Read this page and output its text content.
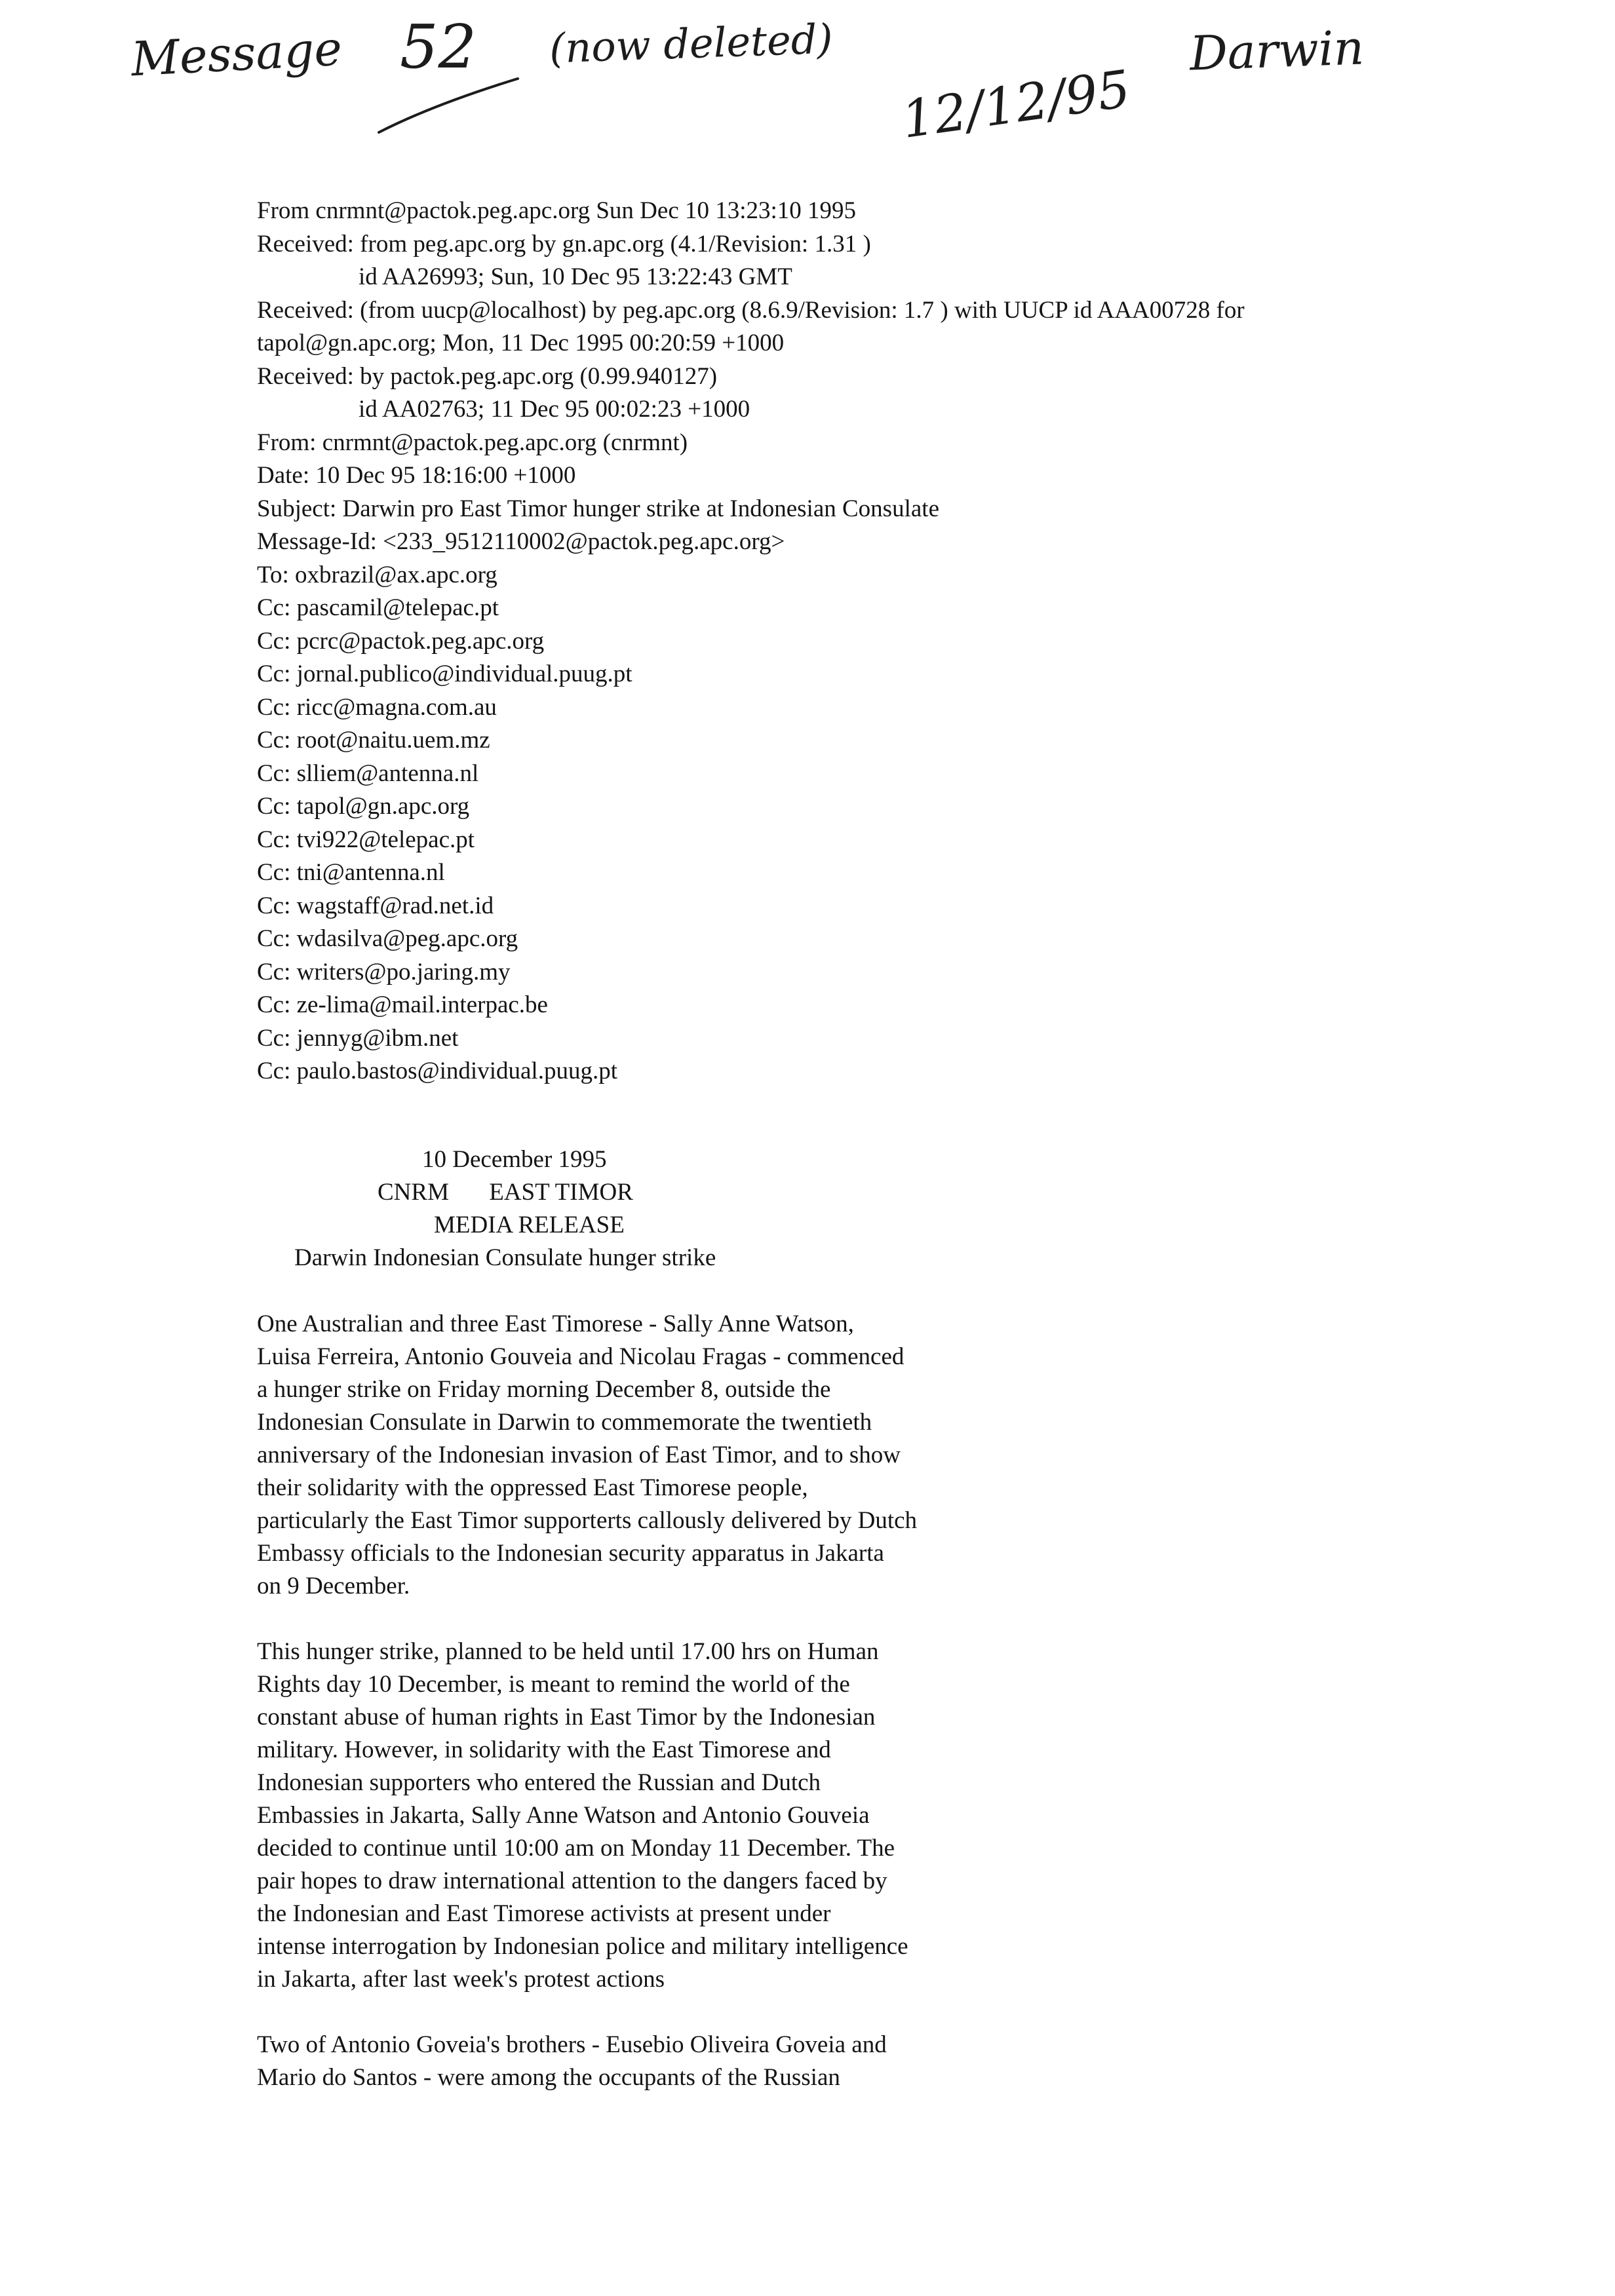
Message 52 (now deleted)
12/12/95
Darwin
From cnrmnt@pactok.peg.apc.org Sun Dec 10 13:23:10 1995
Received: from peg.apc.org by gn.apc.org (4.1/Revision: 1.31 )
id AA26993; Sun, 10 Dec 95 13:22:43 GMT
Received: (from uucp@localhost) by peg.apc.org (8.6.9/Revision: 1.7 ) with UUCP id AAA00728 for
tapol@gn.apc.org; Mon, 11 Dec 1995 00:20:59 +1000
Received: by pactok.peg.apc.org (0.99.940127)
id AA02763; 11 Dec 95 00:02:23 +1000
From: cnrmnt@pactok.peg.apc.org (cnrmnt)
Date: 10 Dec 95 18:16:00 +1000
Subject: Darwin pro East Timor hunger strike at Indonesian Consulate
Message-Id: <233_9512110002@pactok.peg.apc.org>
To: oxbrazil@ax.apc.org
Cc: pascamil@telepac.pt
Cc: pcrc@pactok.peg.apc.org
Cc: jornal.publico@individual.puug.pt
Cc: ricc@magna.com.au
Cc: root@naitu.uem.mz
Cc: slliem@antenna.nl
Cc: tapol@gn.apc.org
Cc: tvi922@telepac.pt
Cc: tni@antenna.nl
Cc: wagstaff@rad.net.id
Cc: wdasilva@peg.apc.org
Cc: writers@po.jaring.my
Cc: ze-lima@mail.interpac.be
Cc: jennyg@ibm.net
Cc: paulo.bastos@individual.puug.pt
10 December 1995
CNRM EAST TIMOR
MEDIA RELEASE
Darwin Indonesian Consulate hunger strike
One Australian and three East Timorese - Sally Anne Watson,
Luisa Ferreira, Antonio Gouveia and Nicolau Fragas - commenced
a hunger strike on Friday morning December 8, outside the
Indonesian Consulate in Darwin to commemorate the twentieth
anniversary of the Indonesian invasion of East Timor, and to show
their solidarity with the oppressed East Timorese people,
particularly the East Timor supporterts callously delivered by Dutch
Embassy officials to the Indonesian security apparatus in Jakarta
on 9 December.
This hunger strike, planned to be held until 17.00 hrs on Human
Rights day 10 December, is meant to remind the world of the
constant abuse of human rights in East Timor by the Indonesian
military. However, in solidarity with the East Timorese and
Indonesian supporters who entered the Russian and Dutch
Embassies in Jakarta, Sally Anne Watson and Antonio Gouveia
decided to continue until 10:00 am on Monday 11 December. The
pair hopes to draw international attention to the dangers faced by
the Indonesian and East Timorese activists at present under
intense interrogation by Indonesian police and military intelligence
in Jakarta, after last week's protest actions
Two of Antonio Goveia's brothers - Eusebio Oliveira Goveia and
Mario do Santos - were among the occupants of the Russian
